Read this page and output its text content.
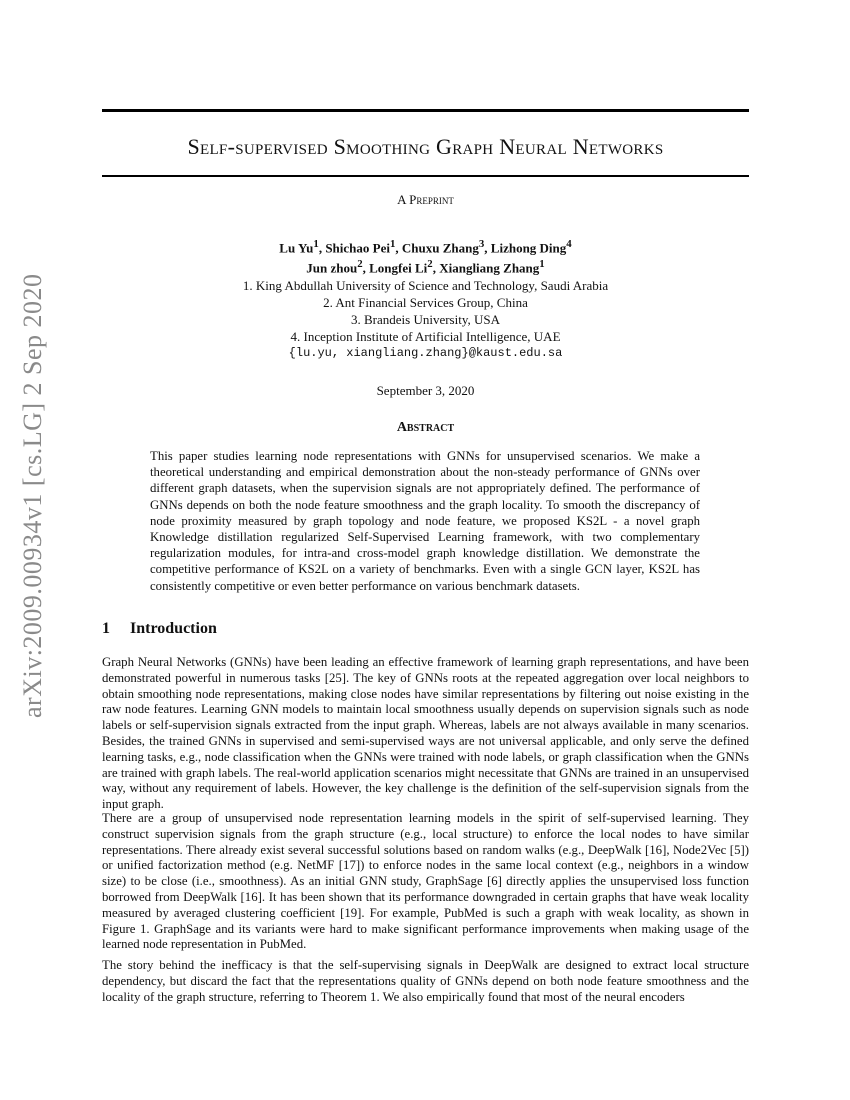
arXiv:2009.00934v1 [cs.LG] 2 Sep 2020
Self-supervised Smoothing Graph Neural Networks
A Preprint
Lu Yu$^1$, Shichao Pei$^1$, Chuxu Zhang$^3$, Lizhong Ding$^4$
Jun zhou$^2$, Longfei Li$^2$, Xiangliang Zhang$^1$
1. King Abdullah University of Science and Technology, Saudi Arabia
2. Ant Financial Services Group, China
3. Brandeis University, USA
4. Inception Institute of Artificial Intelligence, UAE
{lu.yu, xiangliang.zhang}@kaust.edu.sa
September 3, 2020
Abstract
This paper studies learning node representations with GNNs for unsupervised scenarios. We make a theoretical understanding and empirical demonstration about the non-steady performance of GNNs over different graph datasets, when the supervision signals are not appropriately defined. The performance of GNNs depends on both the node feature smoothness and the graph locality. To smooth the discrepancy of node proximity measured by graph topology and node feature, we proposed KS2L - a novel graph Knowledge distillation regularized Self-Supervised Learning framework, with two complementary regularization modules, for intra-and cross-model graph knowledge distillation. We demonstrate the competitive performance of KS2L on a variety of benchmarks. Even with a single GCN layer, KS2L has consistently competitive or even better performance on various benchmark datasets.
1 Introduction
Graph Neural Networks (GNNs) have been leading an effective framework of learning graph representations, and have been demonstrated powerful in numerous tasks [25]. The key of GNNs roots at the repeated aggregation over local neighbors to obtain smoothing node representations, making close nodes have similar representations by filtering out noise existing in the raw node features. Learning GNN models to maintain local smoothness usually depends on supervision signals such as node labels or self-supervision signals extracted from the input graph. Whereas, labels are not always available in many scenarios. Besides, the trained GNNs in supervised and semi-supervised ways are not universal applicable, and only serve the defined learning tasks, e.g., node classification when the GNNs were trained with node labels, or graph classification when the GNNs are trained with graph labels. The real-world application scenarios might necessitate that GNNs are trained in an unsupervised way, without any requirement of labels. However, the key challenge is the definition of the self-supervision signals from the input graph.
There are a group of unsupervised node representation learning models in the spirit of self-supervised learning. They construct supervision signals from the graph structure (e.g., local structure) to enforce the local nodes to have similar representations. There already exist several successful solutions based on random walks (e.g., DeepWalk [16], Node2Vec [5]) or unified factorization method (e.g. NetMF [17]) to enforce nodes in the same local context (e.g., neighbors in a window size) to be close (i.e., smoothness). As an initial GNN study, GraphSage [6] directly applies the unsupervised loss function borrowed from DeepWalk [16]. It has been shown that its performance downgraded in certain graphs that have weak locality measured by averaged clustering coefficient [19]. For example, PubMed is such a graph with weak locality, as shown in Figure 1. GraphSage and its variants were hard to make significant performance improvements when making usage of the learned node representation in PubMed.
The story behind the inefficacy is that the self-supervising signals in DeepWalk are designed to extract local structure dependency, but discard the fact that the representations quality of GNNs depend on both node feature smoothness and the locality of the graph structure, referring to Theorem 1. We also empirically found that most of the neural encoders
